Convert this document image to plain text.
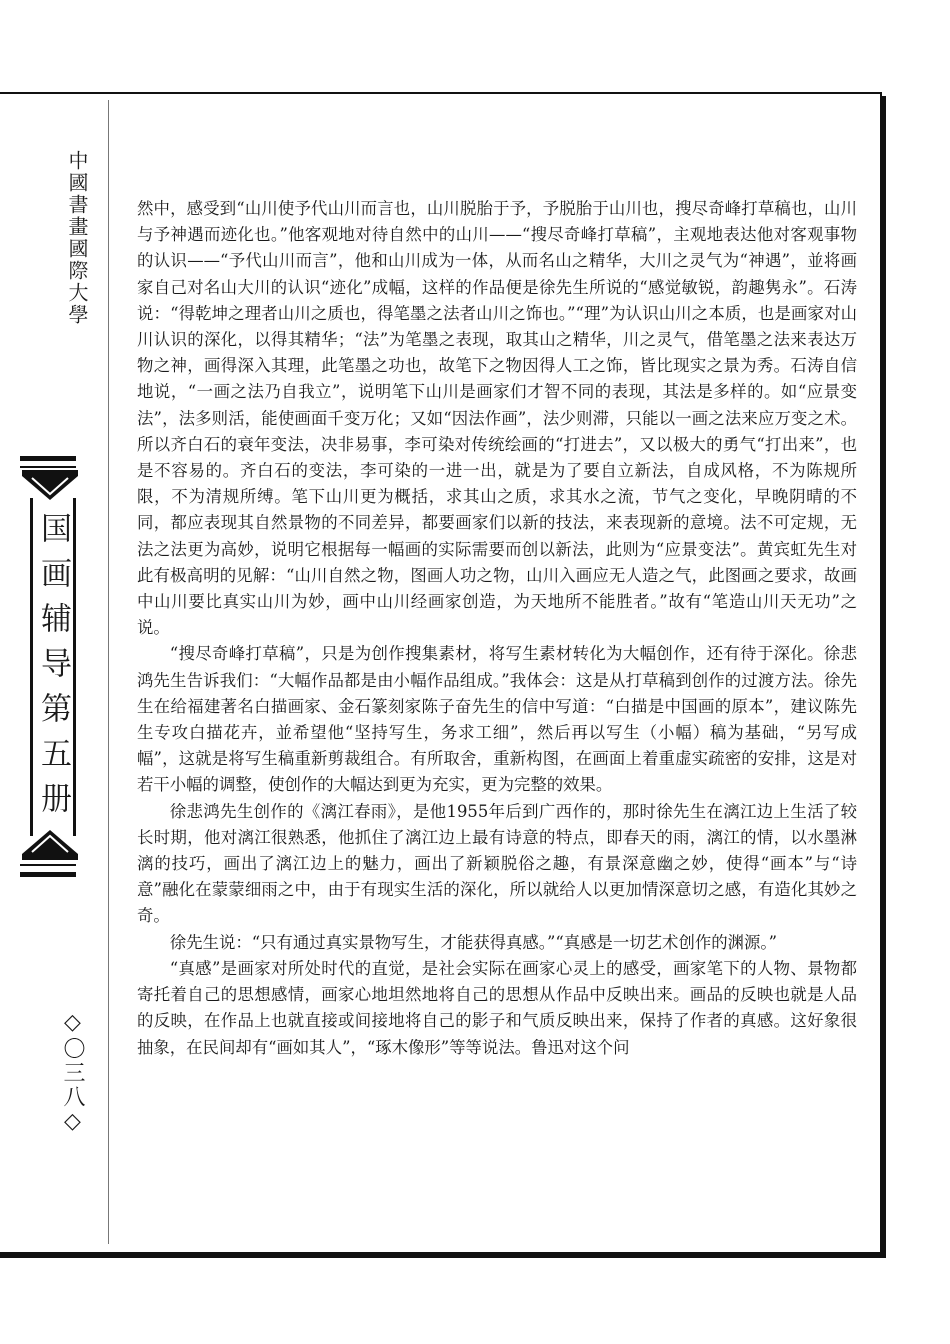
中國書畫國際大學
国画辅导第五册
◇〇三八◇

然中，感受到“山川使予代山川而言也，山川脱胎于予，予脱胎于山川也，搜尽奇峰打草稿也，山川与予神遇而迹化也。”他客观地对待自然中的山川——“搜尽奇峰打草稿”，主观地表达他对客观事物的认识——“予代山川而言”，他和山川成为一体，从而名山之精华，大川之灵气为“神遇”，並将画家自己对名山大川的认识“迹化”成幅，这样的作品便是徐先生所说的“感觉敏锐，韵趣隽永”。石涛说：“得乾坤之理者山川之质也，得笔墨之法者山川之饰也。”“理”为认识山川之本质，也是画家对山川认识的深化，以得其精华；“法”为笔墨之表现，取其山之精华，川之灵气，借笔墨之法来表达万物之神，画得深入其理，此笔墨之功也，故笔下之物因得人工之饰，皆比现实之景为秀。石涛自信地说，“一画之法乃自我立”，说明笔下山川是画家们才智不同的表现，其法是多样的。如“应景变法”，法多则活，能使画面千变万化；又如“因法作画”，法少则滞，只能以一画之法来应万变之术。所以齐白石的衰年变法，决非易事，李可染对传统绘画的“打进去”，又以极大的勇气“打出来”，也是不容易的。齐白石的变法，李可染的一进一出，就是为了要自立新法，自成风格，不为陈规所限，不为清规所缚。笔下山川更为概括，求其山之质，求其水之流，节气之变化，早晚阴晴的不同，都应表现其自然景物的不同差异，都要画家们以新的技法，来表现新的意境。法不可定规，无法之法更为高妙，说明它根据每一幅画的实际需要而创以新法，此则为“应景变法”。黄宾虹先生对此有极高明的见解：“山川自然之物，图画人功之物，山川入画应无人造之气，此图画之要求，故画中山川要比真实山川为妙，画中山川经画家创造，为天地所不能胜者。”故有“笔造山川天无功”之说。

“搜尽奇峰打草稿”，只是为创作搜集素材，将写生素材转化为大幅创作，还有待于深化。徐悲鸿先生告诉我们：“大幅作品都是由小幅作品组成。”我体会：这是从打草稿到创作的过渡方法。徐先生在给福建著名白描画家、金石篆刻家陈子奋先生的信中写道：“白描是中国画的原本”，建议陈先生专攻白描花卉，並希望他“坚持写生，务求工细”，然后再以写生（小幅）稿为基础，“另写成幅”，这就是将写生稿重新剪裁组合。有所取舍，重新构图，在画面上着重虚实疏密的安排，这是对若干小幅的调整，使创作的大幅达到更为充实，更为完整的效果。

徐悲鸿先生创作的《漓江春雨》，是他1955年后到广西作的，那时徐先生在漓江边上生活了较长时期，他对漓江很熟悉，他抓住了漓江边上最有诗意的特点，即春天的雨，漓江的情，以水墨淋漓的技巧，画出了漓江边上的魅力，画出了新颖脱俗之趣，有景深意幽之妙，使得“画本”与“诗意”融化在蒙蒙细雨之中，由于有现实生活的深化，所以就给人以更加情深意切之感，有造化其妙之奇。

徐先生说：“只有通过真实景物写生，才能获得真感。”“真感是一切艺术创作的渊源。”

“真感”是画家对所处时代的直觉，是社会实际在画家心灵上的感受，画家笔下的人物、景物都寄托着自己的思想感情，画家心地坦然地将自己的思想从作品中反映出来。画品的反映也就是人品的反映，在作品上也就直接或间接地将自己的影子和气质反映出来，保持了作者的真感。这好象很抽象，在民间却有“画如其人”，“琢木像形”等等说法。鲁迅对这个问
